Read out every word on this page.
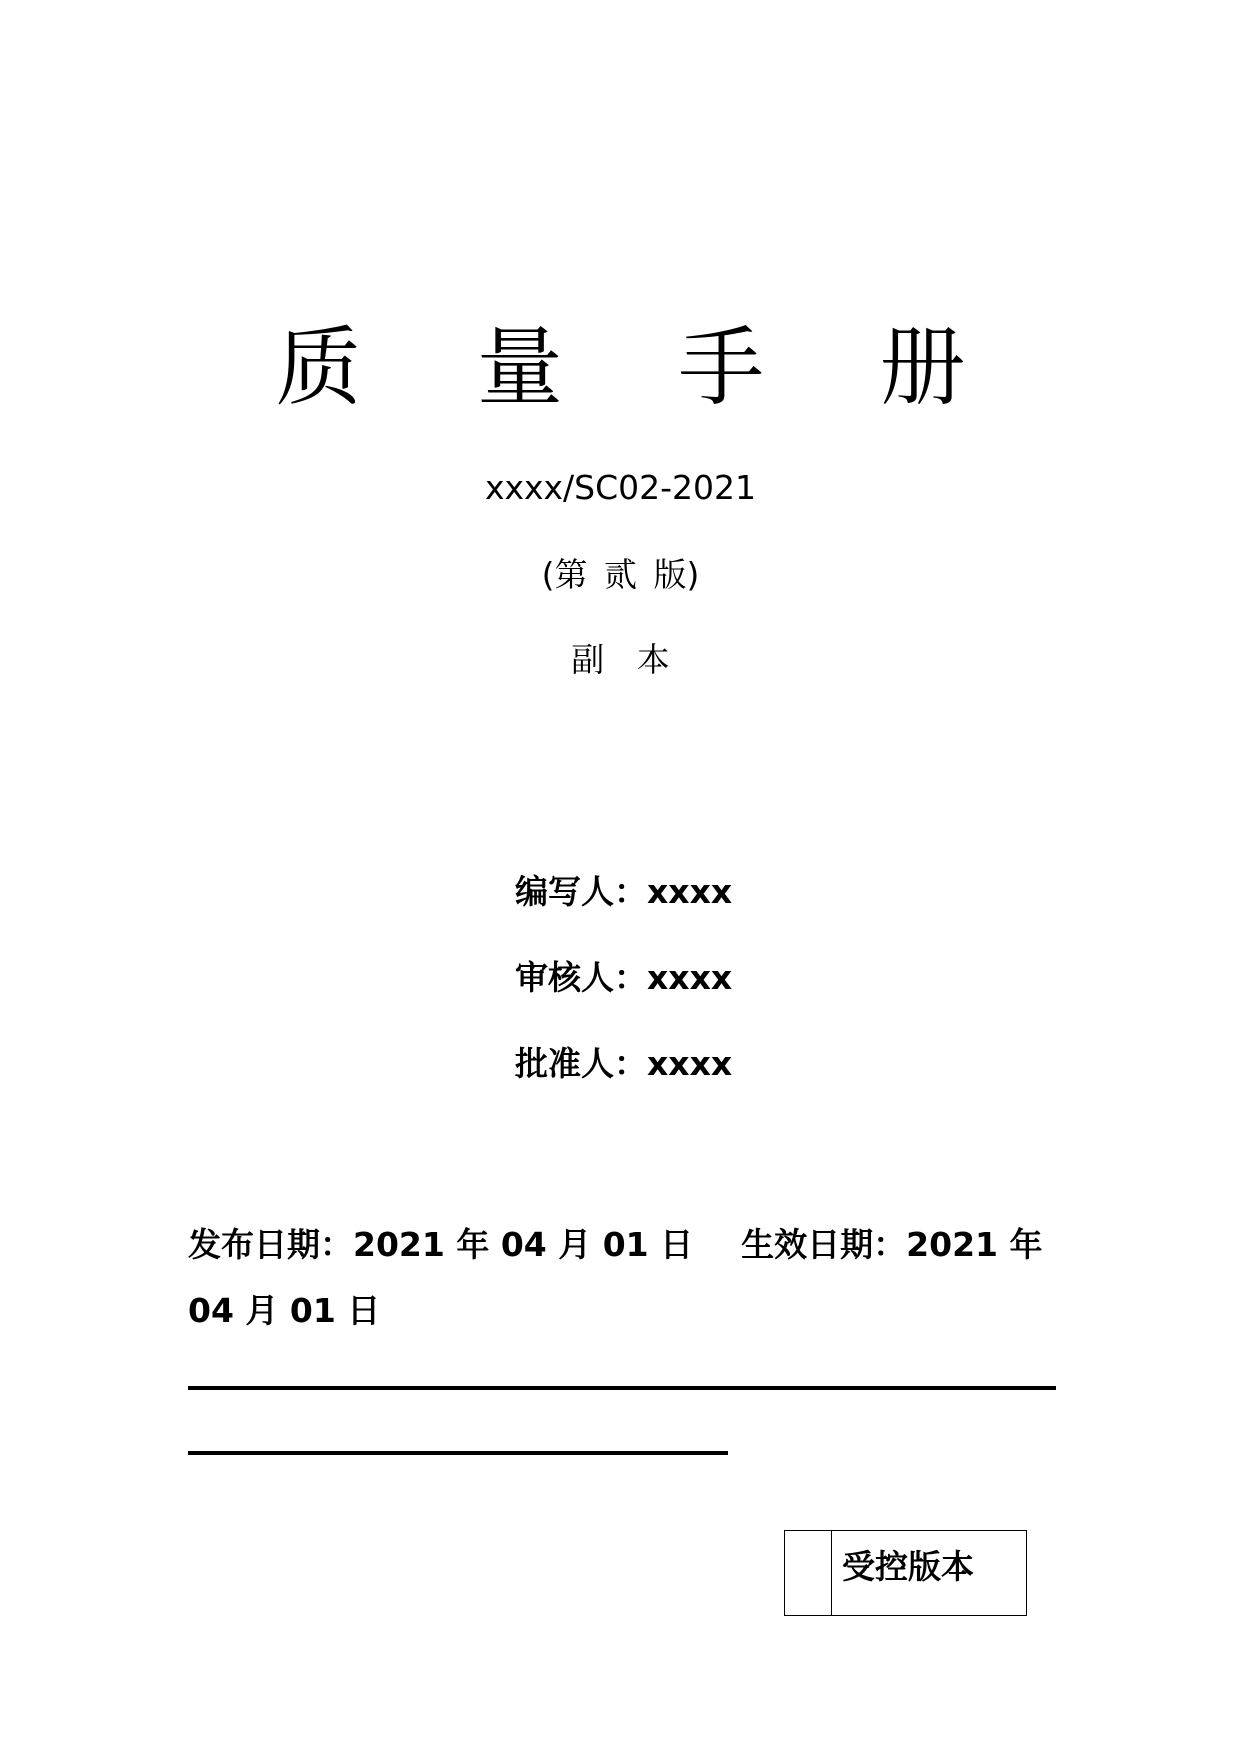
质 量 手 册
xxxx/SC02-2021
(第 贰 版)
副 本
编写人：xxxx
审核人：xxxx
批准人：xxxx
发布日期：2021 年 04 月 01 日 生效日期：2021 年 04 月 01 日
受控版本
